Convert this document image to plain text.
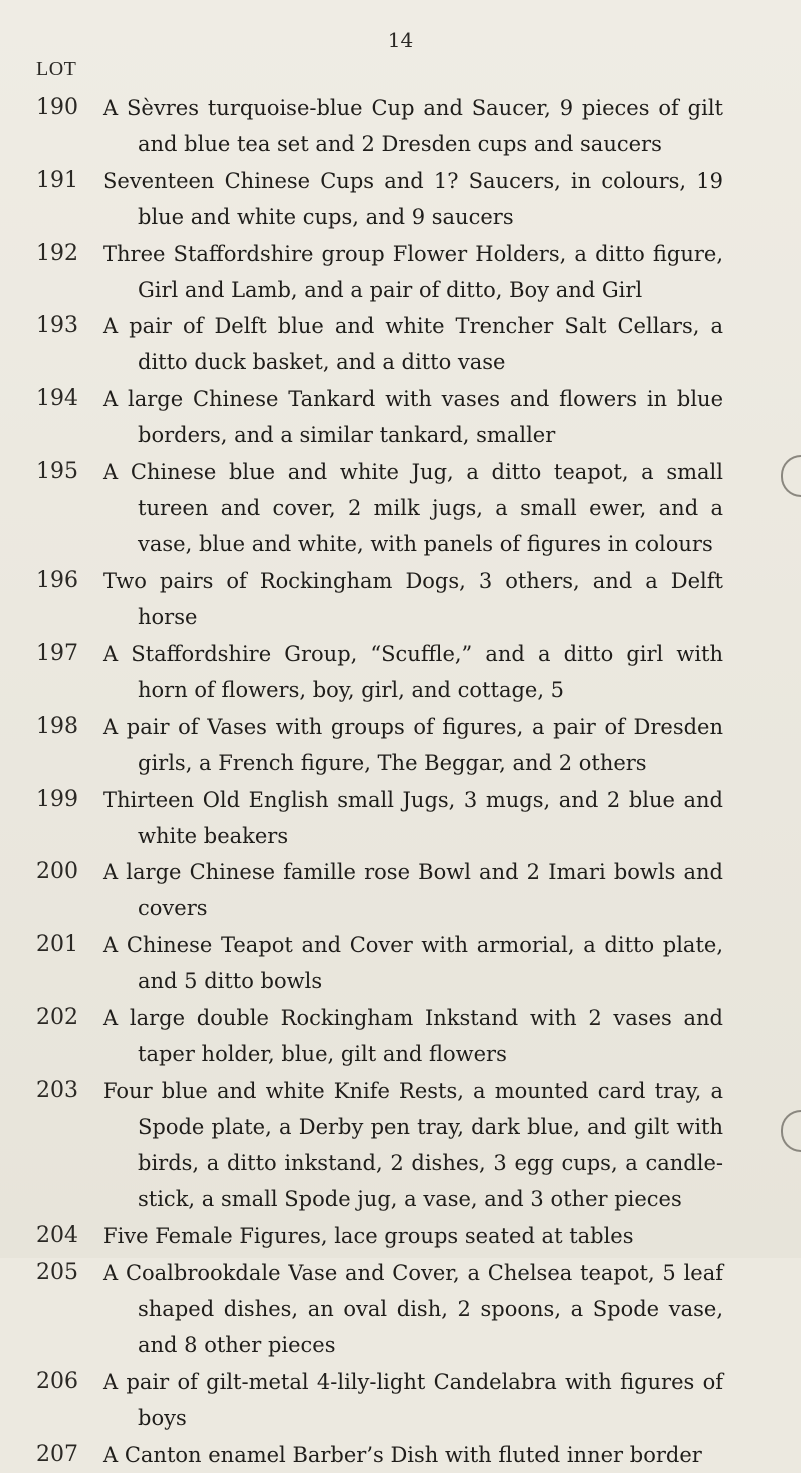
14
LOT
190	A Sèvres turquoise-blue Cup and Saucer, 9 pieces of gilt and blue tea set and 2 Dresden cups and saucers
191	Seventeen Chinese Cups and 1? Saucers, in colours, 19 blue and white cups, and 9 saucers
192	Three Staffordshire group Flower Holders, a ditto figure, Girl and Lamb, and a pair of ditto, Boy and Girl
193	A pair of Delft blue and white Trencher Salt Cellars, a ditto duck basket, and a ditto vase
194	A large Chinese Tankard with vases and flowers in blue borders, and a similar tankard, smaller
195	A Chinese blue and white Jug, a ditto teapot, a small tureen and cover, 2 milk jugs, a small ewer, and a vase, blue and white, with panels of figures in colours
196	Two pairs of Rockingham Dogs, 3 others, and a Delft horse
197	A Staffordshire Group, “Scuffle,” and a ditto girl with horn of flowers, boy, girl, and cottage, 5
198	A pair of Vases with groups of figures, a pair of Dresden girls, a French figure, The Beggar, and 2 others
199	Thirteen Old English small Jugs, 3 mugs, and 2 blue and white beakers
200	A large Chinese famille rose Bowl and 2 Imari bowls and covers
201	A Chinese Teapot and Cover with armorial, a ditto plate, and 5 ditto bowls
202	A large double Rockingham Inkstand with 2 vases and taper holder, blue, gilt and flowers
203	Four blue and white Knife Rests, a mounted card tray, a Spode plate, a Derby pen tray, dark blue, and gilt with birds, a ditto inkstand, 2 dishes, 3 egg cups, a candle-stick, a small Spode jug, a vase, and 3 other pieces
204	Five Female Figures, lace groups seated at tables
205	A Coalbrookdale Vase and Cover, a Chelsea teapot, 5 leaf shaped dishes, an oval dish, 2 spoons, a Spode vase, and 8 other pieces
206	A pair of gilt-metal 4-lily-light Candelabra with figures of boys
207	A Canton enamel Barber’s Dish with fluted inner border
